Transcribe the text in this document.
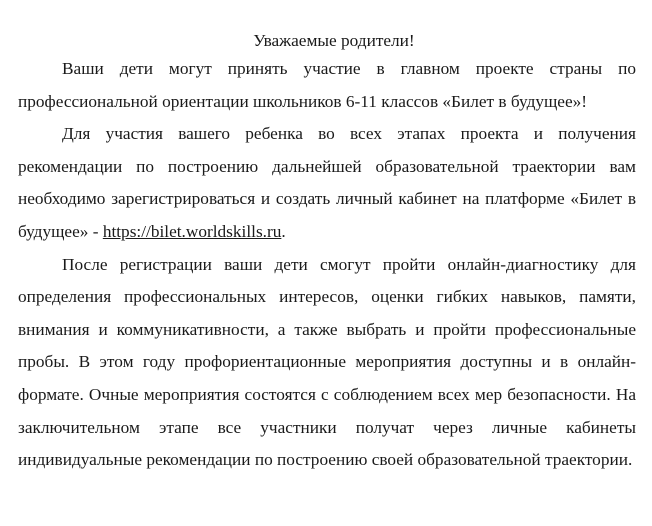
Уважаемые родители!

Ваши дети могут принять участие в главном проекте страны по профессиональной ориентации школьников 6-11 классов «Билет в будущее»!

Для участия вашего ребенка во всех этапах проекта и получения рекомендации по построению дальнейшей образовательной траектории вам необходимо зарегистрироваться и создать личный кабинет на платформе «Билет в будущее» - https://bilet.worldskills.ru.

После регистрации ваши дети смогут пройти онлайн-диагностику для определения профессиональных интересов, оценки гибких навыков, памяти, внимания и коммуникативности, а также выбрать и пройти профессиональные пробы. В этом году профориентационные мероприятия доступны и в онлайн-формате. Очные мероприятия состоятся с соблюдением всех мер безопасности. На заключительном этапе все участники получат через личные кабинеты индивидуальные рекомендации по построению своей образовательной траектории.
